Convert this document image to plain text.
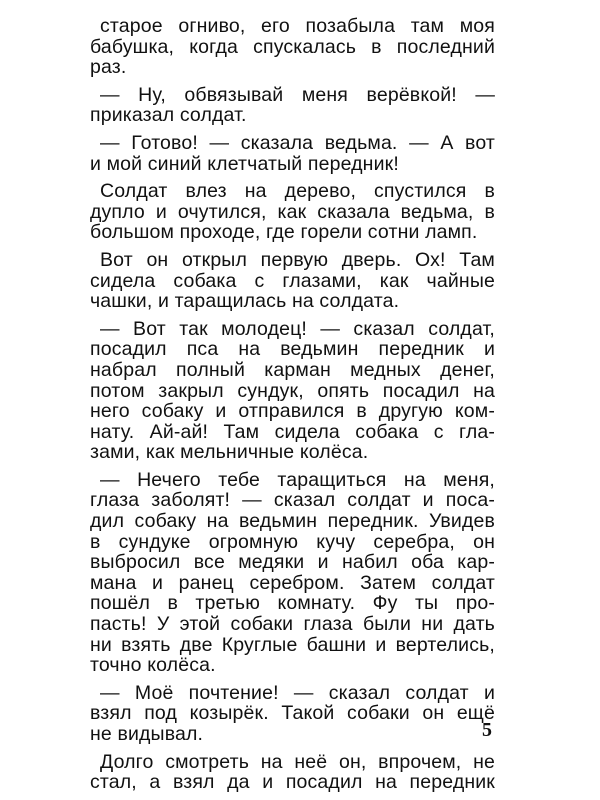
старое огниво, его позабыла там моя
бабушка, когда спускалась в последний
раз.
— Ну, обвязывай меня верёвкой! —
приказал солдат.
— Готово! — сказала ведьма. — А вот
и мой синий клетчатый передник!
Солдат влез на дерево, спустился в
дупло и очутился, как сказала ведьма, в
большом проходе, где горели сотни ламп.
Вот он открыл первую дверь. Ох! Там
сидела собака с глазами, как чайные
чашки, и таращилась на солдата.
— Вот так молодец! — сказал солдат,
посадил пса на ведьмин передник и
набрал полный карман медных денег,
потом закрыл сундук, опять посадил на
него собаку и отправился в другую ком-
нату. Ай-ай! Там сидела собака с гла-
зами, как мельничные колёса.
— Нечего тебе таращиться на меня,
глаза заболят! — сказал солдат и поса-
дил собаку на ведьмин передник. Увидев
в сундуке огромную кучу серебра, он
выбросил все медяки и набил оба кар-
мана и ранец серебром. Затем солдат
пошёл в третью комнату. Фу ты про-
пасть! У этой собаки глаза были ни дать
ни взять две Круглые башни и вертелись,
точно колёса.
— Моё почтение! — сказал солдат и
взял под козырёк. Такой собаки он ещё
не видывал.
Долго смотреть на неё он, впрочем, не
стал, а взял да и посадил на передник
5
